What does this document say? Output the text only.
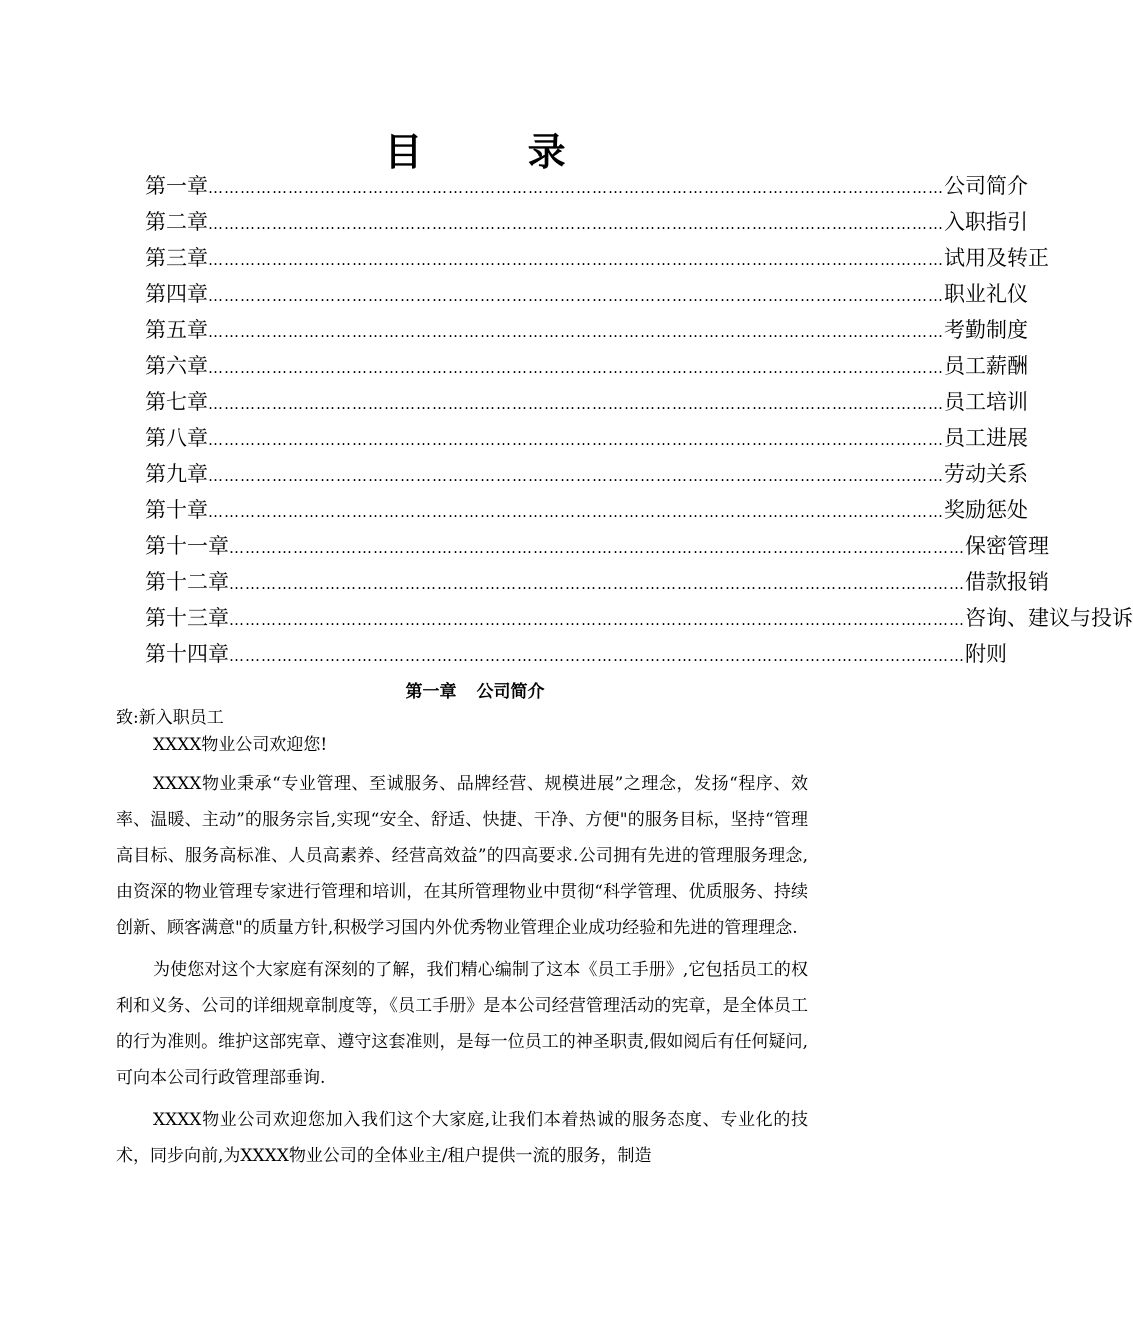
目 录
第一章 ………………………………………………………………………………………………………………………… 公司简介
第二章 ………………………………………………………………………………………………………………………… 入职指引
第三章 ………………………………………………………………………………………………………………………… 试用及转正
第四章 ………………………………………………………………………………………………………………………… 职业礼仪
第五章 ………………………………………………………………………………………………………………………… 考勤制度
第六章 ………………………………………………………………………………………………………………………… 员工薪酬
第七章 ………………………………………………………………………………………………………………………… 员工培训
第八章 ………………………………………………………………………………………………………………………… 员工进展
第九章 ………………………………………………………………………………………………………………………… 劳动关系
第十章 ………………………………………………………………………………………………………………………… 奖励惩处
第十一章 ………………………………………………………………………………………………………………………… 保密管理
第十二章 ………………………………………………………………………………………………………………………… 借款报销
第十三章 ………………………………………………………………………………………………………………………… 咨询、建议与投诉
第十四章 ………………………………………………………………………………………………………………………… 附则
第一章 公司简介
致:新入职员工

XXXX物业公司欢迎您!

XXXX物业秉承“专业管理、至诚服务、品牌经营、规模进展”之理念，发扬“程序、效率、温暖、主动”的服务宗旨,实现“安全、舒适、快捷、干净、方便"的服务目标，坚持“管理高目标、服务高标准、人员高素养、经营高效益”的四高要求.公司拥有先进的管理服务理念,由资深的物业管理专家进行管理和培训，在其所管理物业中贯彻“科学管理、优质服务、持续创新、顾客满意"的质量方针,积极学习国内外优秀物业管理企业成功经验和先进的管理理念.

为使您对这个大家庭有深刻的了解，我们精心编制了这本《员工手册》,它包括员工的权利和义务、公司的详细规章制度等，《员工手册》是本公司经营管理活动的宪章，是全体员工的行为准则。维护这部宪章、遵守这套准则，是每一位员工的神圣职责,假如阅后有任何疑问,可向本公司行政管理部垂询.

XXXX物业公司欢迎您加入我们这个大家庭,让我们本着热诚的服务态度、专业化的技术，同步向前,为XXXX物业公司的全体业主/租户提供一流的服务，制造
